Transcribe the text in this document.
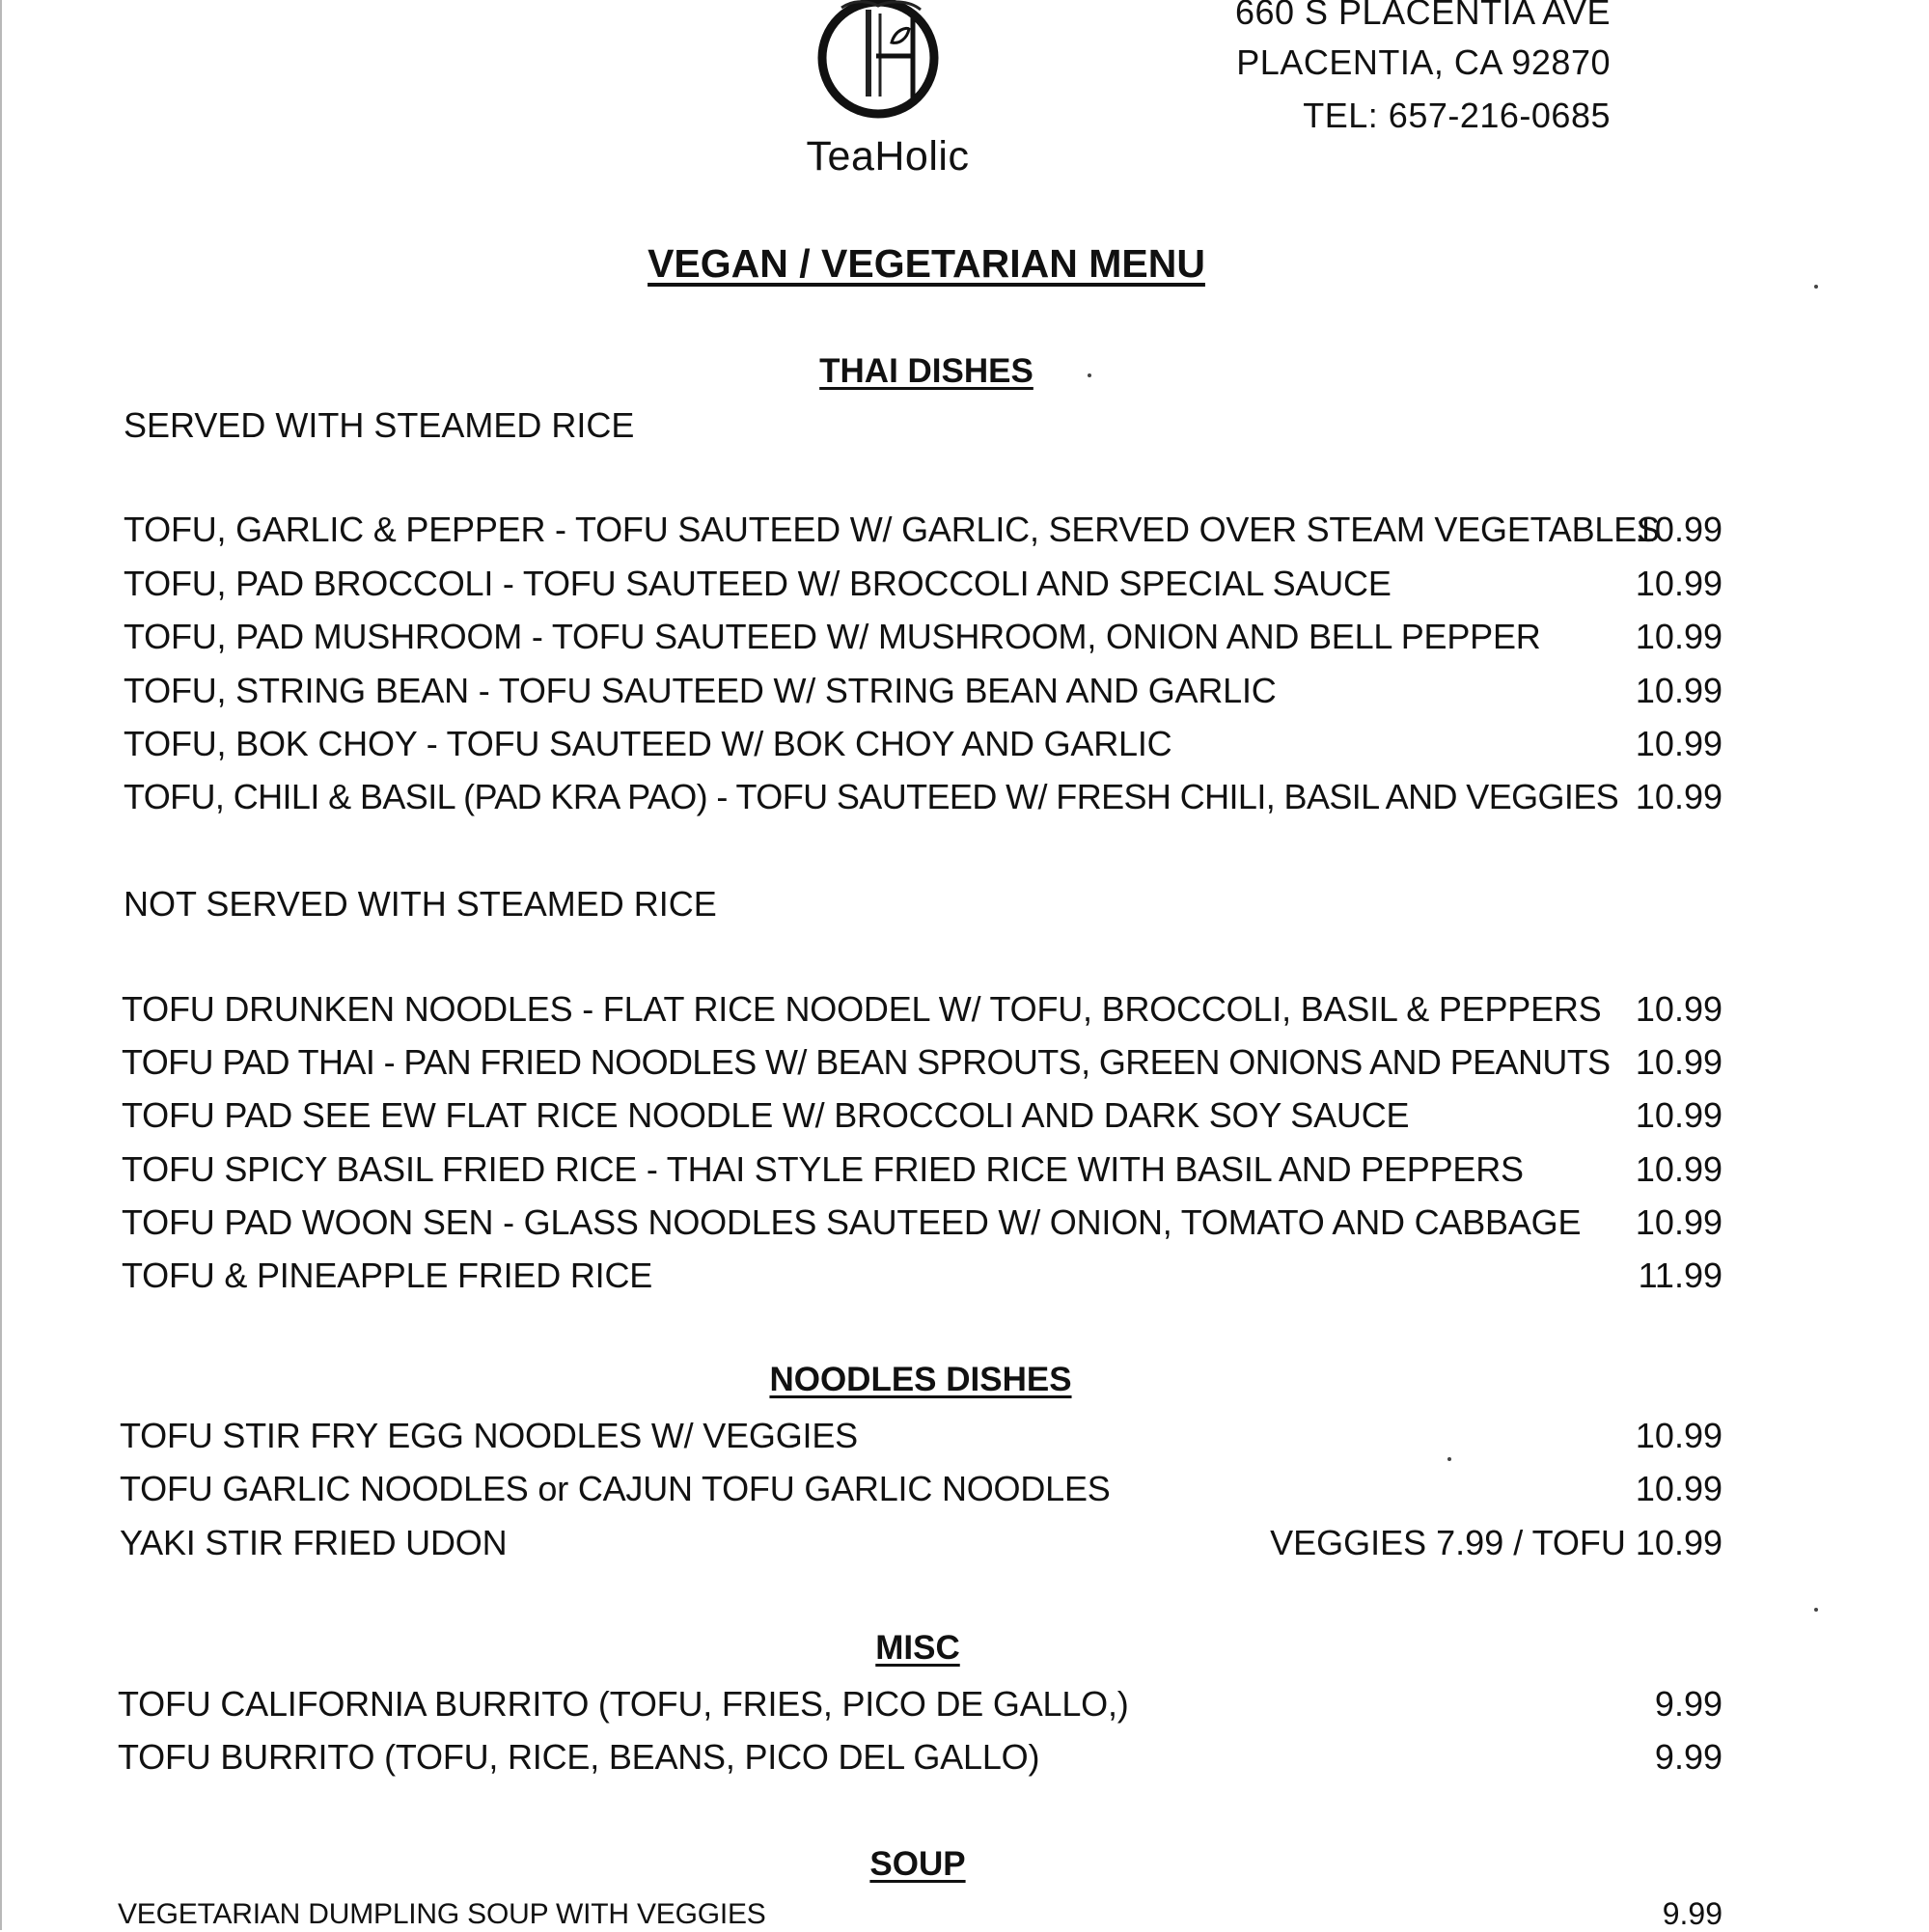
TeaHolic
660 S PLACENTIA AVE
PLACENTIA, CA 92870
TEL: 657-216-0685
VEGAN / VEGETARIAN MENU
THAI DISHES
SERVED WITH STEAMED RICE
TOFU, GARLIC & PEPPER - TOFU SAUTEED W/ GARLIC, SERVED OVER STEAM VEGETABLES
10.99
TOFU, PAD BROCCOLI - TOFU SAUTEED W/ BROCCOLI AND SPECIAL SAUCE	10.99
TOFU, PAD MUSHROOM - TOFU SAUTEED W/ MUSHROOM, ONION AND BELL PEPPER	10.99
TOFU, STRING BEAN - TOFU SAUTEED W/ STRING BEAN AND GARLIC	10.99
TOFU, BOK CHOY - TOFU SAUTEED W/ BOK CHOY AND GARLIC	10.99
TOFU, CHILI & BASIL (PAD KRA PAO) - TOFU SAUTEED W/ FRESH CHILI, BASIL AND VEGGIES 10.99
NOT SERVED WITH STEAMED RICE
TOFU DRUNKEN NOODLES - FLAT RICE NOODEL W/ TOFU, BROCCOLI, BASIL & PEPPERS 10.99
TOFU PAD THAI - PAN FRIED NOODLES W/ BEAN SPROUTS, GREEN ONIONS AND PEANUTS 10.99
TOFU PAD SEE EW FLAT RICE NOODLE W/ BROCCOLI AND DARK SOY SAUCE	10.99
TOFU SPICY BASIL FRIED RICE - THAI STYLE FRIED RICE WITH BASIL AND PEPPERS	10.99
TOFU PAD WOON SEN - GLASS NOODLES SAUTEED W/ ONION, TOMATO AND CABBAGE 10.99
TOFU & PINEAPPLE FRIED RICE	11.99
NOODLES DISHES
TOFU STIR FRY EGG NOODLES W/ VEGGIES	10.99
TOFU GARLIC NOODLES or CAJUN TOFU GARLIC NOODLES	10.99
YAKI STIR FRIED UDON	VEGGIES 7.99 / TOFU 10.99
MISC
TOFU CALIFORNIA BURRITO (TOFU, FRIES, PICO DE GALLO,)	9.99
TOFU BURRITO (TOFU, RICE, BEANS, PICO DEL GALLO)	9.99
SOUP
VEGETARIAN DUMPLING SOUP WITH VEGGIES	9.99
